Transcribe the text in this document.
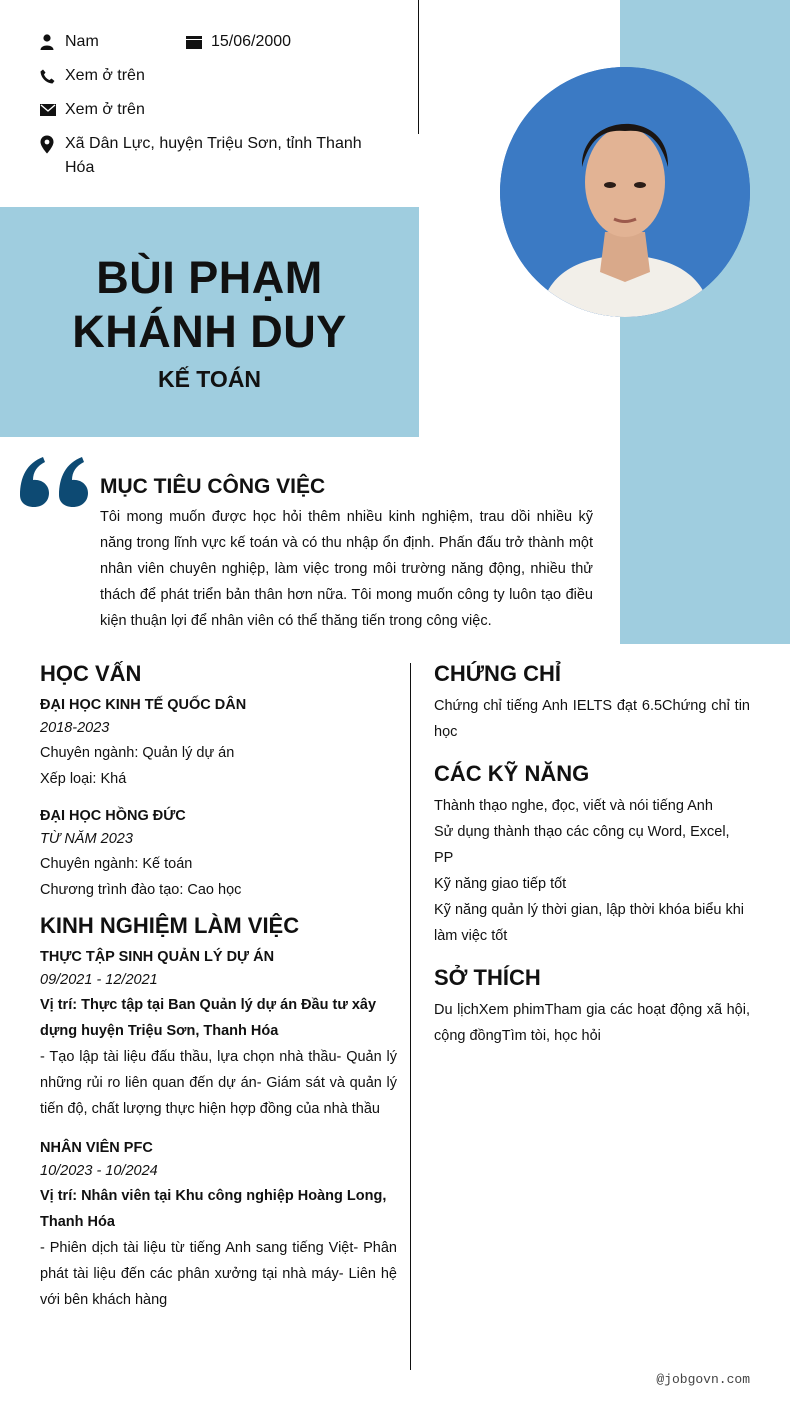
Nam	15/06/2000
Xem ở trên
Xem ở trên
Xã Dân Lực, huyện Triệu Sơn, tỉnh Thanh
Hóa
BÙI PHẠM
KHÁNH DUY
KẾ TOÁN
MỤC TIÊU CÔNG VIỆC
Tôi mong muốn được học hỏi thêm nhiều kinh nghiệm, trau dồi nhiều kỹ năng trong lĩnh vực kế toán và có thu nhập ổn định. Phấn đấu trở thành một nhân viên chuyên nghiệp, làm việc trong môi trường năng động, nhiều thử thách để phát triển bản thân hơn nữa. Tôi mong muốn công ty luôn tạo điều kiện thuận lợi để nhân viên có thể thăng tiến trong công việc.
HỌC VẤN
ĐẠI HỌC KINH TẾ QUỐC DÂN
2018-2023
Chuyên ngành: Quản lý dự án
Xếp loại: Khá
ĐẠI HỌC HỒNG ĐỨC
TỪ NĂM 2023
Chuyên ngành: Kế toán
Chương trình đào tạo: Cao học
KINH NGHIỆM LÀM VIỆC
THỰC TẬP SINH QUẢN LÝ DỰ ÁN
09/2021 - 12/2021
Vị trí: Thực tập tại Ban Quản lý dự án Đầu tư xây dựng huyện Triệu Sơn, Thanh Hóa
- Tạo lập tài liệu đấu thầu, lựa chọn nhà thầu- Quản lý những rủi ro liên quan đến dự án- Giám sát và quản lý tiến độ, chất lượng thực hiện hợp đồng của nhà thầu
NHÂN VIÊN PFC
10/2023 - 10/2024
Vị trí: Nhân viên tại Khu công nghiệp Hoàng Long, Thanh Hóa
- Phiên dịch tài liệu từ tiếng Anh sang tiếng Việt- Phân phát tài liệu đến các phân xưởng tại nhà máy- Liên hệ với bên khách hàng
CHỨNG CHỈ
Chứng chỉ tiếng Anh IELTS đạt 6.5Chứng chỉ tin học
CÁC KỸ NĂNG
Thành thạo nghe, đọc, viết và nói tiếng Anh
Sử dụng thành thạo các công cụ Word, Excel, PP
Kỹ năng giao tiếp tốt
Kỹ năng quản lý thời gian, lập thời khóa biểu khi làm việc tốt
SỞ THÍCH
Du lịchXem phimTham gia các hoạt động xã hội, cộng đồngTìm tòi, học hỏi
@jobgovn.com
